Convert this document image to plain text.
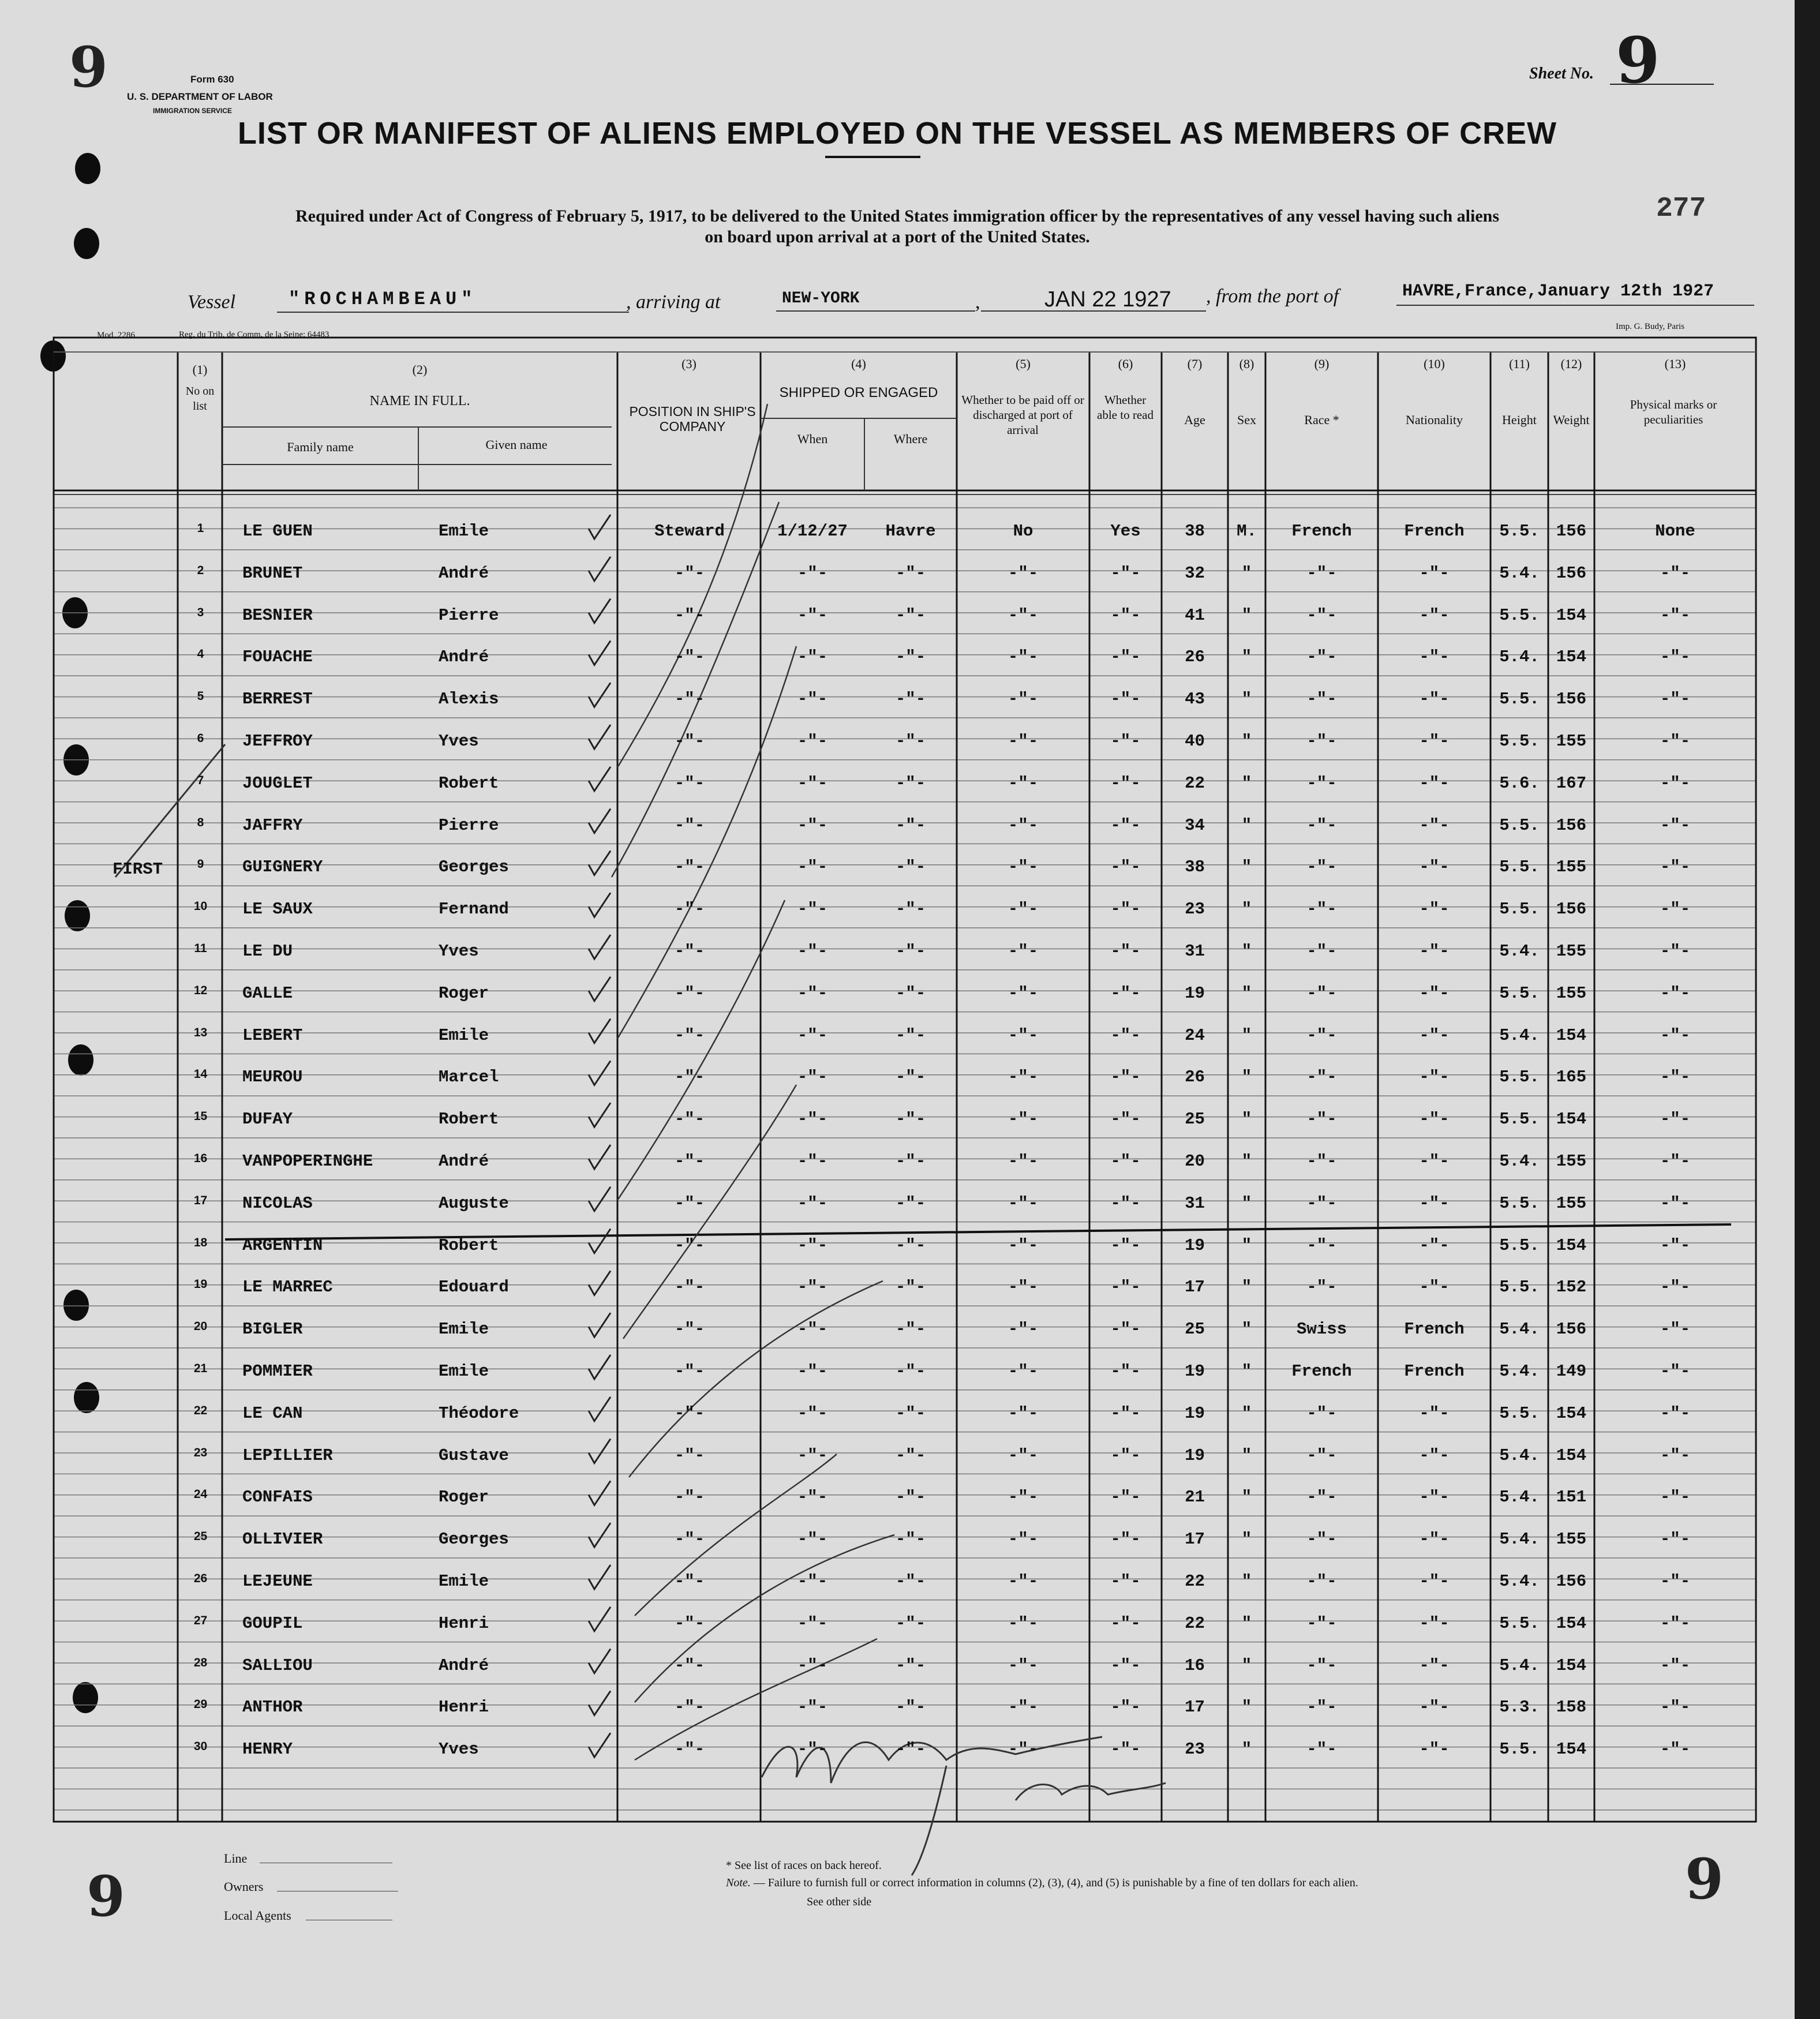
9
9	9
Form 630
U. S. DEPARTMENT OF LABOR
IMMIGRATION SERVICE
Sheet No. 9
LIST OR MANIFEST OF ALIENS EMPLOYED ON THE VESSEL AS MEMBERS OF CREW
Required under Act of Congress of February 5, 1917, to be delivered to the United States immigration officer by the representatives of any vessel having such aliens
on board upon arrival at a port of the United States.
277
Vessel	"ROCHAMBEAU"	, arriving at	NEW-YORK	,	JAN 22 1927 , from the port of	HAVRE,France,January 12th 1927
Mod. 2286	Reg. du Trib. de Comm. de la Seine: 64483
Imp. G. Budy, Paris
(1)
No on list
(2)
NAME IN FULL.
Family name	Given name
(3)
POSITION IN SHIP'S COMPANY
(4)
SHIPPED OR ENGAGED
When	Where
(5)
Whether to be paid off or discharged at port of arrival
(6)
Whether able to read
(7)
Age
(8)
Sex
(9)
Race *
(10)
Nationality
(11)
Height
(12)
Weight
(13)
Physical marks or peculiarities
FIRST
1	LE GUEN	Emile	Steward	1/12/27	Havre	No	Yes	38	M.	French	French	5.5.	156	None
2	BRUNET	André	-"-	-"-	-"-	-"-	-"-	32	"	-"-	-"-	5.4.	156	-"-
3	BESNIER	Pierre	-"-	-"-	-"-	-"-	-"-	41	"	-"-	-"-	5.5.	154	-"-
4	FOUACHE	André	-"-	-"-	-"-	-"-	-"-	26	"	-"-	-"-	5.4.	154	-"-
5	BERREST	Alexis	-"-	-"-	-"-	-"-	-"-	43	"	-"-	-"-	5.5.	156	-"-
6	JEFFROY	Yves	-"-	-"-	-"-	-"-	-"-	40	"	-"-	-"-	5.5.	155	-"-
7	JOUGLET	Robert	-"-	-"-	-"-	-"-	-"-	22	"	-"-	-"-	5.6.	167	-"-
8	JAFFRY	Pierre	-"-	-"-	-"-	-"-	-"-	34	"	-"-	-"-	5.5.	156	-"-
9	GUIGNERY	Georges	-"-	-"-	-"-	-"-	-"-	38	"	-"-	-"-	5.5.	155	-"-
10	LE SAUX	Fernand	-"-	-"-	-"-	-"-	-"-	23	"	-"-	-"-	5.5.	156	-"-
11	LE DU	Yves	-"-	-"-	-"-	-"-	-"-	31	"	-"-	-"-	5.4.	155	-"-
12	GALLE	Roger	-"-	-"-	-"-	-"-	-"-	19	"	-"-	-"-	5.5.	155	-"-
13	LEBERT	Emile	-"-	-"-	-"-	-"-	-"-	24	"	-"-	-"-	5.4.	154	-"-
14	MEUROU	Marcel	-"-	-"-	-"-	-"-	-"-	26	"	-"-	-"-	5.5.	165	-"-
15	DUFAY	Robert	-"-	-"-	-"-	-"-	-"-	25	"	-"-	-"-	5.5.	154	-"-
16	VANPOPERINGHE	André	-"-	-"-	-"-	-"-	-"-	20	"	-"-	-"-	5.4.	155	-"-
17	NICOLAS	Auguste	-"-	-"-	-"-	-"-	-"-	31	"	-"-	-"-	5.5.	155	-"-
18	ARGENTIN	Robert	-"-	-"-	-"-	-"-	-"-	19	"	-"-	-"-	5.5.	154	-"-
19	LE MARREC	Edouard	-"-	-"-	-"-	-"-	-"-	17	"	-"-	-"-	5.5.	152	-"-
20	BIGLER	Emile	-"-	-"-	-"-	-"-	-"-	25	"	Swiss	French	5.4.	156	-"-
21	POMMIER	Emile	-"-	-"-	-"-	-"-	-"-	19	"	French	French	5.4.	149	-"-
22	LE CAN	Théodore	-"-	-"-	-"-	-"-	-"-	19	"	-"-	-"-	5.5.	154	-"-
23	LEPILLIER	Gustave	-"-	-"-	-"-	-"-	-"-	19	"	-"-	-"-	5.4.	154	-"-
24	CONFAIS	Roger	-"-	-"-	-"-	-"-	-"-	21	"	-"-	-"-	5.4.	151	-"-
25	OLLIVIER	Georges	-"-	-"-	-"-	-"-	-"-	17	"	-"-	-"-	5.4.	155	-"-
26	LEJEUNE	Emile	-"-	-"-	-"-	-"-	-"-	22	"	-"-	-"-	5.4.	156	-"-
27	GOUPIL	Henri	-"-	-"-	-"-	-"-	-"-	22	"	-"-	-"-	5.5.	154	-"-
28	SALLIOU	André	-"-	-"-	-"-	-"-	-"-	16	"	-"-	-"-	5.4.	154	-"-
29	ANTHOR	Henri	-"-	-"-	-"-	-"-	-"-	17	"	-"-	-"-	5.3.	158	-"-
30	HENRY	Yves	-"-	-"-	-"-	-"-	-"-	23	"	-"-	-"-	5.5.	154	-"-
Line
Owners
Local Agents
* See list of races on back hereof.
Note. — Failure to furnish full or correct information in columns (2), (3), (4), and (5) is punishable by a fine of ten dollars for each alien.
See other side
